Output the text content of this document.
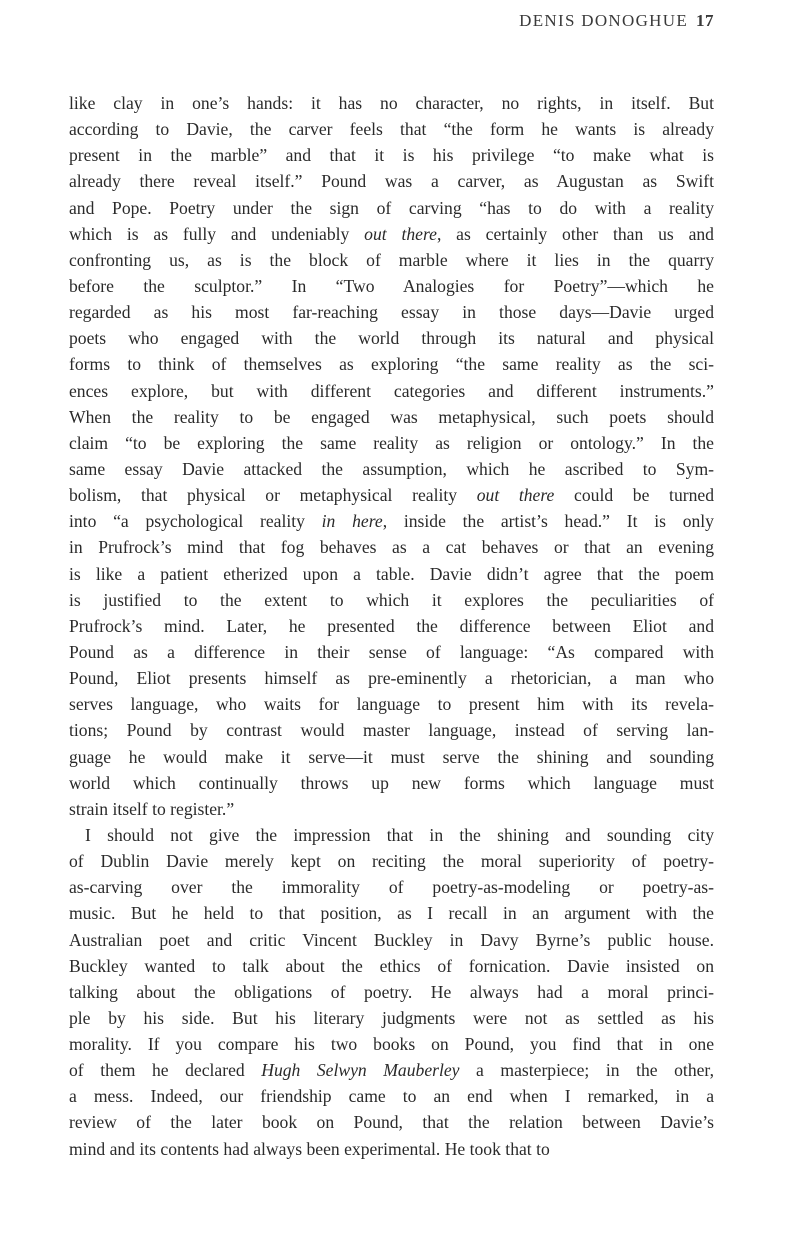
DENIS DONOGHUE 17
like clay in one’s hands: it has no character, no rights, in itself. But
according to Davie, the carver feels that “the form he wants is already
present in the marble” and that it is his privilege “to make what is
already there reveal itself.” Pound was a carver, as Augustan as Swift
and Pope. Poetry under the sign of carving “has to do with a reality
which is as fully and undeniably out there, as certainly other than us and
confronting us, as is the block of marble where it lies in the quarry
before the sculptor.” In “Two Analogies for Poetry”—which he
regarded as his most far-reaching essay in those days—Davie urged
poets who engaged with the world through its natural and physical
forms to think of themselves as exploring “the same reality as the sci-
ences explore, but with different categories and different instruments.”
When the reality to be engaged was metaphysical, such poets should
claim “to be exploring the same reality as religion or ontology.” In the
same essay Davie attacked the assumption, which he ascribed to Sym-
bolism, that physical or metaphysical reality out there could be turned
into “a psychological reality in here, inside the artist’s head.” It is only
in Prufrock’s mind that fog behaves as a cat behaves or that an evening
is like a patient etherized upon a table. Davie didn’t agree that the poem
is justified to the extent to which it explores the peculiarities of
Prufrock’s mind. Later, he presented the difference between Eliot and
Pound as a difference in their sense of language: “As compared with
Pound, Eliot presents himself as pre-eminently a rhetorician, a man who
serves language, who waits for language to present him with its revela-
tions; Pound by contrast would master language, instead of serving lan-
guage he would make it serve—it must serve the shining and sounding
world which continually throws up new forms which language must
strain itself to register.”
I should not give the impression that in the shining and sounding city
of Dublin Davie merely kept on reciting the moral superiority of poetry-
as-carving over the immorality of poetry-as-modeling or poetry-as-
music. But he held to that position, as I recall in an argument with the
Australian poet and critic Vincent Buckley in Davy Byrne’s public house.
Buckley wanted to talk about the ethics of fornication. Davie insisted on
talking about the obligations of poetry. He always had a moral princi-
ple by his side. But his literary judgments were not as settled as his
morality. If you compare his two books on Pound, you find that in one
of them he declared Hugh Selwyn Mauberley a masterpiece; in the other,
a mess. Indeed, our friendship came to an end when I remarked, in a
review of the later book on Pound, that the relation between Davie’s
mind and its contents had always been experimental. He took that to
